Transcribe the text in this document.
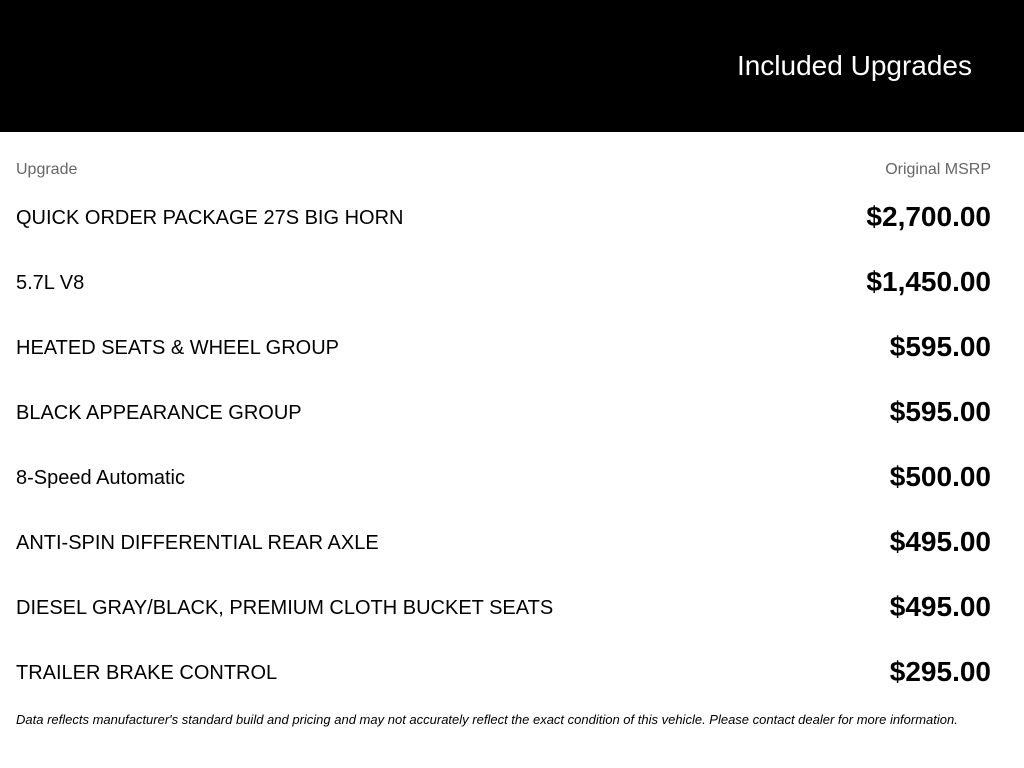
Included Upgrades
Upgrade	Original MSRP
QUICK ORDER PACKAGE 27S BIG HORN	$2,700.00
5.7L V8	$1,450.00
HEATED SEATS & WHEEL GROUP	$595.00
BLACK APPEARANCE GROUP	$595.00
8-Speed Automatic	$500.00
ANTI-SPIN DIFFERENTIAL REAR AXLE	$495.00
DIESEL GRAY/BLACK, PREMIUM CLOTH BUCKET SEATS	$495.00
TRAILER BRAKE CONTROL	$295.00
Data reflects manufacturer's standard build and pricing and may not accurately reflect the exact condition of this vehicle. Please contact dealer for more information.
